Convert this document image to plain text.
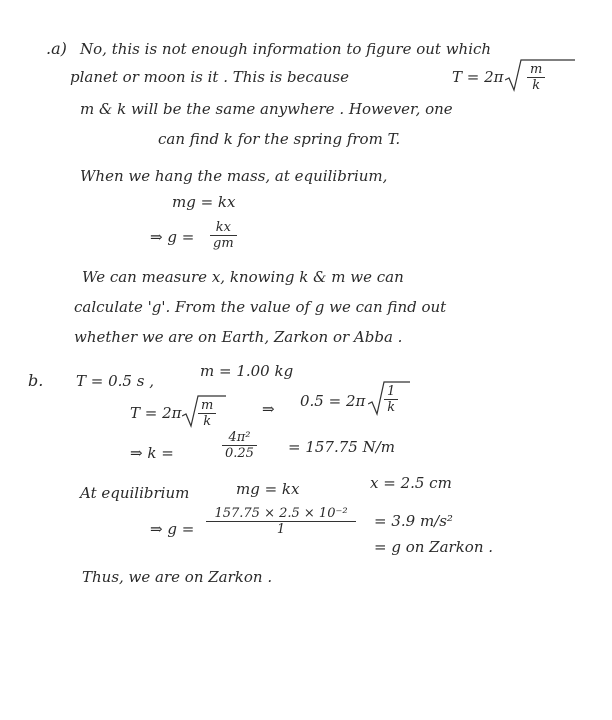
.a) No, this is not enough information to figure out which
planet or moon is it . This is because	$T = 2\pi \frac{m}{k}$
m & k will be the same anywhere . However, one
can find k for the spring from T.
When we hang the mass, at equilibrium,
mg = kx
⇒ $g = \frac{kx}{gm}$
We can measure x, knowing k & m we can
calculate 'g'. From the value of g we can find out
whether we are on Earth, Zarkon or Abba .
b. T = 0.5 s ,
m = 1.00 kg
$T = 2\pi \frac{m}{k}$	⇒ $0.5 = 2\pi \frac{1}{k}$
⇒ k =	$\frac{\text{4π²}}{0.25} = 157.75$ N/m
At equilibrium	mg = kx	x = 2.5 cm
⇒ $g = \frac{\text{157.75 × 2.5 × 10⁻²}}{1} = 3.9$ m/s²
= g on Zarkon .
Thus, we are on Zarkon .
